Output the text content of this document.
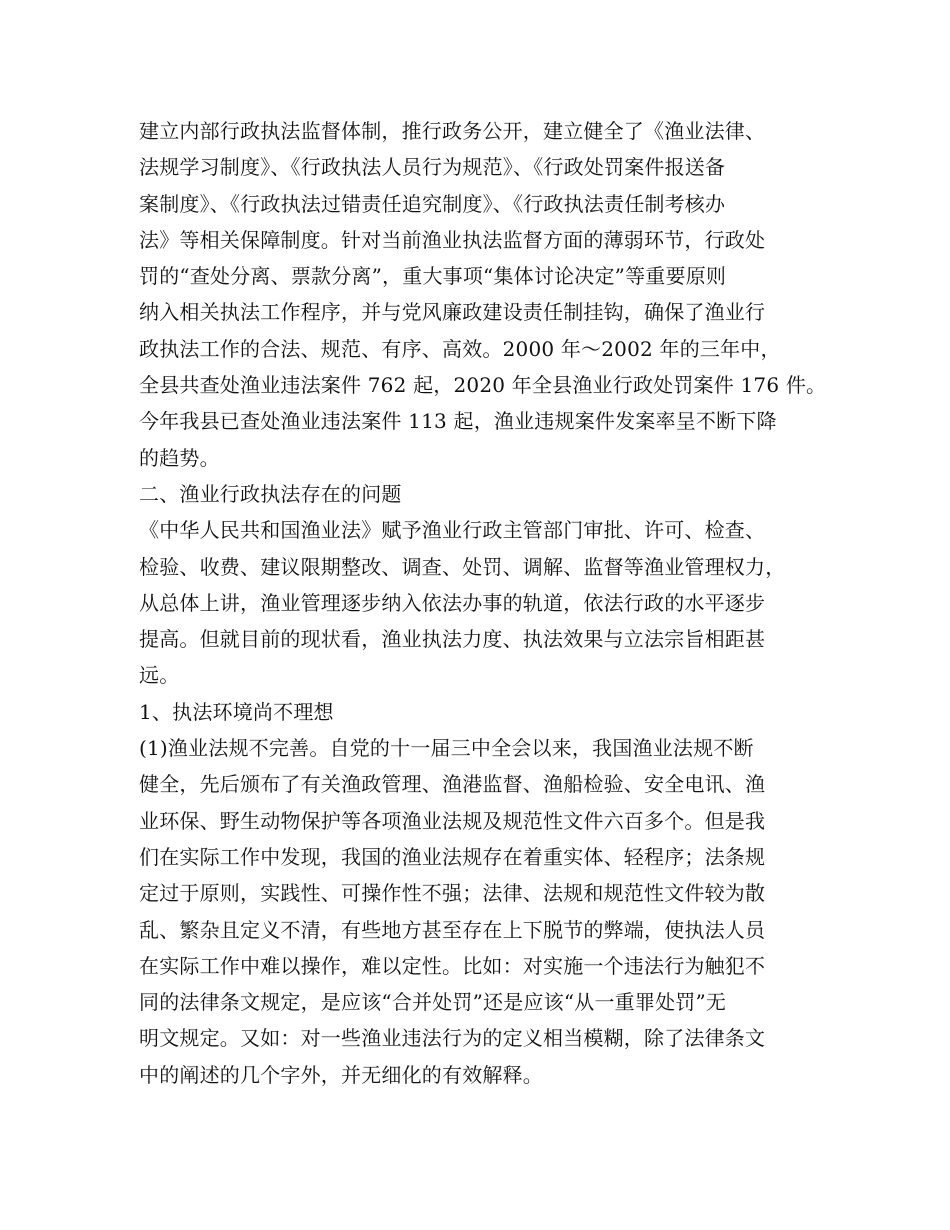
建立内部行政执法监督体制，推行政务公开，建立健全了《渔业法律、
法规学习制度》、《行政执法人员行为规范》、《行政处罚案件报送备
案制度》、《行政执法过错责任追究制度》、《行政执法责任制考核办
法》等相关保障制度。针对当前渔业执法监督方面的薄弱环节，行政处
罚的“查处分离、票款分离”，重大事项“集体讨论决定”等重要原则
纳入相关执法工作程序，并与党风廉政建设责任制挂钩，确保了渔业行
政执法工作的合法、规范、有序、高效。2000 年～2002 年的三年中，
全县共查处渔业违法案件 762 起，2020 年全县渔业行政处罚案件 176 件。
今年我县已查处渔业违法案件 113 起，渔业违规案件发案率呈不断下降
的趋势。
二、渔业行政执法存在的问题
《中华人民共和国渔业法》赋予渔业行政主管部门审批、许可、检查、
检验、收费、建议限期整改、调查、处罚、调解、监督等渔业管理权力，
从总体上讲，渔业管理逐步纳入依法办事的轨道，依法行政的水平逐步
提高。但就目前的现状看，渔业执法力度、执法效果与立法宗旨相距甚
远。
1、执法环境尚不理想
(1)渔业法规不完善。自党的十一届三中全会以来，我国渔业法规不断
健全，先后颁布了有关渔政管理、渔港监督、渔船检验、安全电讯、渔
业环保、野生动物保护等各项渔业法规及规范性文件六百多个。但是我
们在实际工作中发现，我国的渔业法规存在着重实体、轻程序；法条规
定过于原则，实践性、可操作性不强；法律、法规和规范性文件较为散
乱、繁杂且定义不清，有些地方甚至存在上下脱节的弊端，使执法人员
在实际工作中难以操作，难以定性。比如：对实施一个违法行为触犯不
同的法律条文规定，是应该“合并处罚”还是应该“从一重罪处罚”无
明文规定。又如：对一些渔业违法行为的定义相当模糊，除了法律条文
中的阐述的几个字外，并无细化的有效解释。
